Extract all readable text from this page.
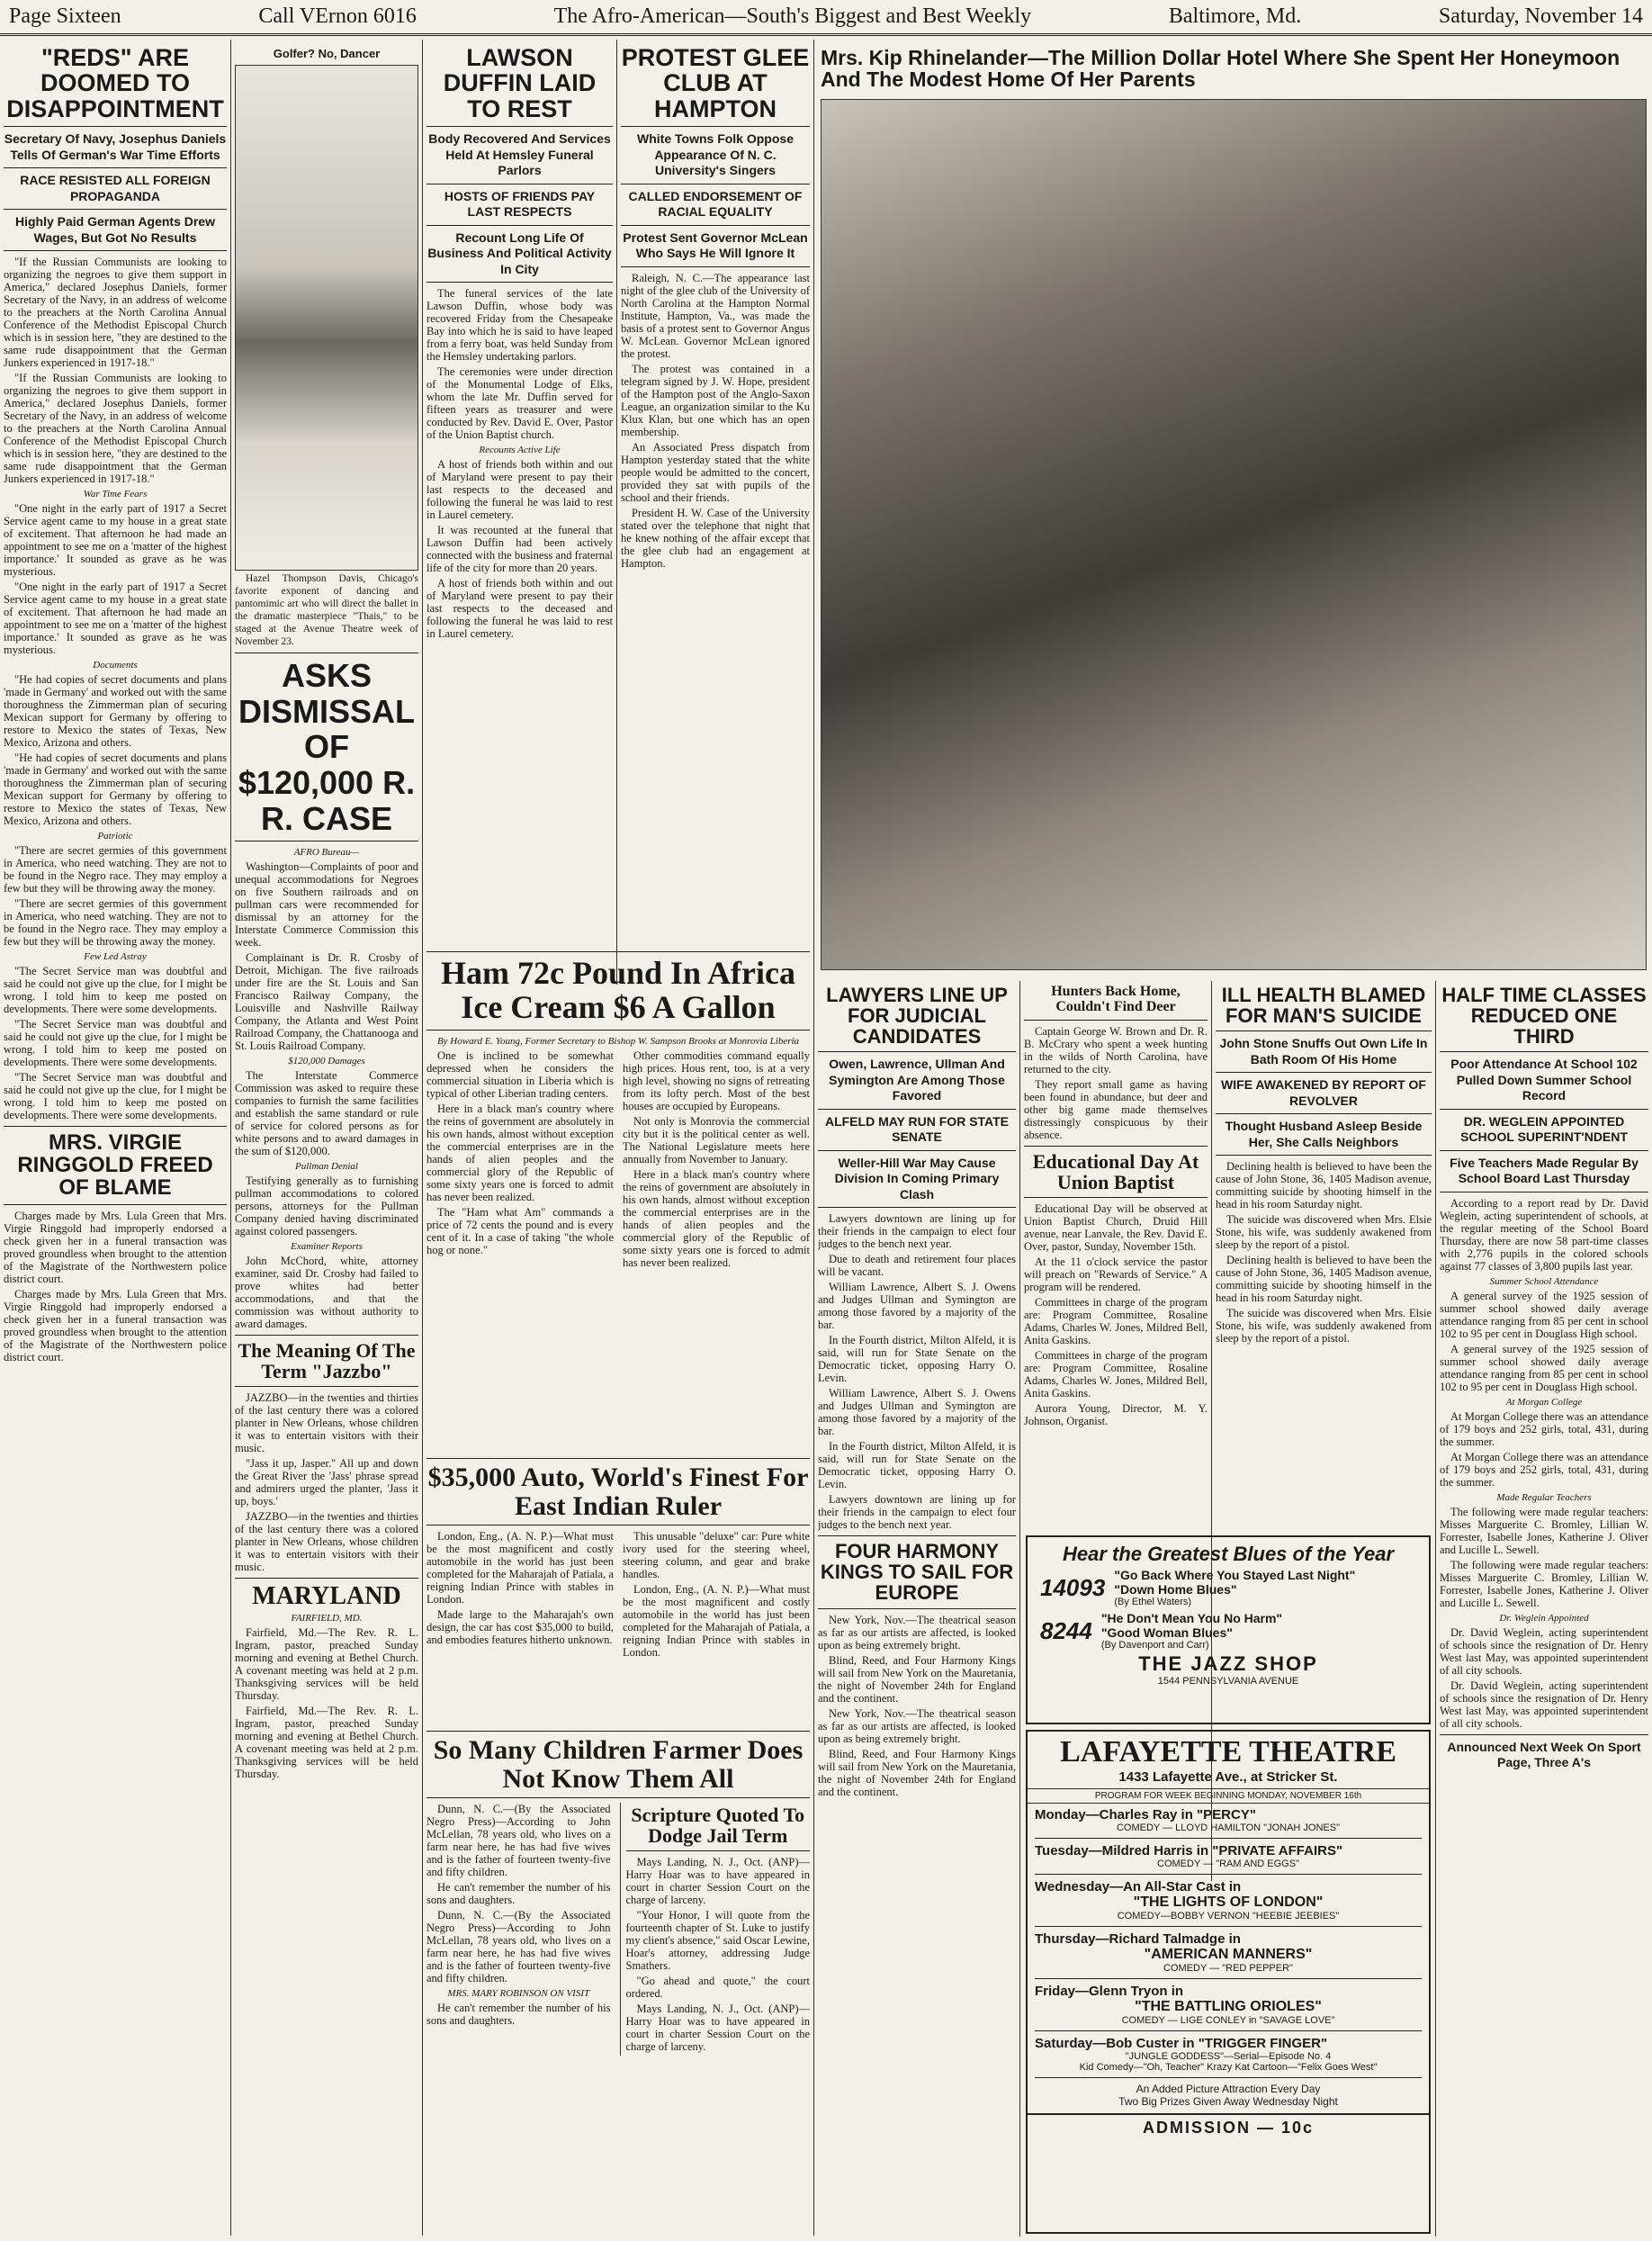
Page Sixteen	Call VErnon 6016	The Afro-American—South's Biggest and Best Weekly	Baltimore, Md.	Saturday, November 14
"REDS" ARE DOOMED TO DISAPPOINTMENT
Secretary Of Navy, Josephus Daniels Tells Of German's War Time Efforts
RACE RESISTED ALL FOREIGN PROPAGANDA
Highly Paid German Agents Drew Wages, But Got No Results

"If the Russian Communists are looking to organizing the negroes to give them support in America," declared Josephus Daniels, former Secretary of the Navy, in an address of welcome to the preachers at the North Carolina Annual Conference of the Methodist Episcopal Church which is in session here, "they are destined to the same rude disappointment that the German Junkers experienced in 1917-18."

"If the Russian Communists are looking to organizing the negroes to give them support in America," declared Josephus Daniels, former Secretary of the Navy, in an address of welcome to the preachers at the North Carolina Annual Conference of the Methodist Episcopal Church which is in session here, "they are destined to the same rude disappointment that the German Junkers experienced in 1917-18."

War Time Fears

"One night in the early part of 1917 a Secret Service agent came to my house in a great state of excitement. That afternoon he had made an appointment to see me on a 'matter of the highest importance.' It sounded as grave as he was mysterious.

"One night in the early part of 1917 a Secret Service agent came to my house in a great state of excitement. That afternoon he had made an appointment to see me on a 'matter of the highest importance.' It sounded as grave as he was mysterious.

Documents

"He had copies of secret documents and plans 'made in Germany' and worked out with the same thoroughness the Zimmerman plan of securing Mexican support for Germany by offering to restore to Mexico the states of Texas, New Mexico, Arizona and others.

"He had copies of secret documents and plans 'made in Germany' and worked out with the same thoroughness the Zimmerman plan of securing Mexican support for Germany by offering to restore to Mexico the states of Texas, New Mexico, Arizona and others.

Patriotic

"There are secret germies of this government in America, who need watching. They are not to be found in the Negro race. They may employ a few but they will be throwing away the money.

"There are secret germies of this government in America, who need watching. They are not to be found in the Negro race. They may employ a few but they will be throwing away the money.

Few Led Astray

"The Secret Service man was doubtful and said he could not give up the clue, for I might be wrong. I told him to keep me posted on developments. There were some developments.

"The Secret Service man was doubtful and said he could not give up the clue, for I might be wrong. I told him to keep me posted on developments. There were some developments.

"The Secret Service man was doubtful and said he could not give up the clue, for I might be wrong. I told him to keep me posted on developments. There were some developments.

MRS. VIRGIE RINGGOLD FREED OF BLAME

Charges made by Mrs. Lula Green that Mrs. Virgie Ringgold had improperly endorsed a check given her in a funeral transaction was proved groundless when brought to the attention of the Magistrate of the Northwestern police district court.

Charges made by Mrs. Lula Green that Mrs. Virgie Ringgold had improperly endorsed a check given her in a funeral transaction was proved groundless when brought to the attention of the Magistrate of the Northwestern police district court.

Golfer? No, Dancer

Hazel Thompson Davis, Chicago's favorite exponent of dancing and pantomimic art who will direct the ballet in the dramatic masterpiece "Thais," to be staged at the Avenue Theatre week of November 23.

ASKS DISMISSAL OF $120,000 R. R. CASE
AFRO Bureau—

Washington—Complaints of poor and unequal accommodations for Negroes on five Southern railroads and on pullman cars were recommended for dismissal by an attorney for the Interstate Commerce Commission this week.

Complainant is Dr. R. Crosby of Detroit, Michigan. The five railroads under fire are the St. Louis and San Francisco Railway Company, the Louisville and Nashville Railway Company, the Atlanta and West Point Railroad Company, the Chattanooga and St. Louis Railroad Company.

$120,000 Damages

The Interstate Commerce Commission was asked to require these companies to furnish the same facilities and establish the same standard or rule of service for colored persons as for white persons and to award damages in the sum of $120,000.

Pullman Denial

Testifying generally as to furnishing pullman accommodations to colored persons, attorneys for the Pullman Company denied having discriminated against colored passengers.

Examiner Reports

John McChord, white, attorney examiner, said Dr. Crosby had failed to prove whites had better accommodations, and that the commission was without authority to award damages.

The Meaning Of The Term "Jazzbo"

JAZZBO—in the twenties and thirties of the last century there was a colored planter in New Orleans, whose children it was to entertain visitors with their music.

"Jass it up, Jasper." All up and down the Great River the 'Jass' phrase spread and admirers urged the planter, 'Jass it up, boys.'

JAZZBO—in the twenties and thirties of the last century there was a colored planter in New Orleans, whose children it was to entertain visitors with their music.

MARYLAND
FAIRFIELD, MD.

Fairfield, Md.—The Rev. R. L. Ingram, pastor, preached Sunday morning and evening at Bethel Church. A covenant meeting was held at 2 p.m. Thanksgiving services will be held Thursday.

Fairfield, Md.—The Rev. R. L. Ingram, pastor, preached Sunday morning and evening at Bethel Church. A covenant meeting was held at 2 p.m. Thanksgiving services will be held Thursday.

LAWSON DUFFIN LAID TO REST
Body Recovered And Services Held At Hemsley Funeral Parlors
HOSTS OF FRIENDS PAY LAST RESPECTS
Recount Long Life Of Business And Political Activity In City

The funeral services of the late Lawson Duffin, whose body was recovered Friday from the Chesapeake Bay into which he is said to have leaped from a ferry boat, was held Sunday from the Hemsley undertaking parlors.

The ceremonies were under direction of the Monumental Lodge of Elks, whom the late Mr. Duffin served for fifteen years as treasurer and were conducted by Rev. David E. Over, Pastor of the Union Baptist church.

Recounts Active Life

A host of friends both within and out of Maryland were present to pay their last respects to the deceased and following the funeral he was laid to rest in Laurel cemetery.

It was recounted at the funeral that Lawson Duffin had been actively connected with the business and fraternal life of the city for more than 20 years.

A host of friends both within and out of Maryland were present to pay their last respects to the deceased and following the funeral he was laid to rest in Laurel cemetery.

PROTEST GLEE CLUB AT HAMPTON
White Towns Folk Oppose Appearance Of N. C. University's Singers
CALLED ENDORSEMENT OF RACIAL EQUALITY
Protest Sent Governor McLean Who Says He Will Ignore It

Raleigh, N. C.—The appearance last night of the glee club of the University of North Carolina at the Hampton Normal Institute, Hampton, Va., was made the basis of a protest sent to Governor Angus W. McLean. Governor McLean ignored the protest.

The protest was contained in a telegram signed by J. W. Hope, president of the Hampton post of the Anglo-Saxon League, an organization similar to the Ku Klux Klan, but one which has an open membership.

An Associated Press dispatch from Hampton yesterday stated that the white people would be admitted to the concert, provided they sat with pupils of the school and their friends.

President H. W. Case of the University stated over the telephone that night that he knew nothing of the affair except that the glee club had an engagement at Hampton.

Mrs. Kip Rhinelander—The Million Dollar Hotel Where She Spent Her Honeymoon And The Modest Home Of Her Parents
Ham 72c Pound In Africa Ice Cream $6 A Gallon
By Howard E. Young, Former Secretary to Bishop W. Sampson Brooks at Monrovia Liberia

One is inclined to be somewhat depressed when he considers the commercial situation in Liberia which is typical of other Liberian trading centers.

Here in a black man's country where the reins of government are absolutely in his own hands, almost without exception the commercial enterprises are in the hands of alien peoples and the commercial glory of the Republic of some sixty years one is forced to admit has never been realized.

The "Ham what Am" commands a price of 72 cents the pound and is every cent of it. In a case of taking "the whole hog or none."

Other commodities command equally high prices. Hous rent, too, is at a very high level, showing no signs of retreating from its lofty perch. Most of the best houses are occupied by Europeans.

Not only is Monrovia the commercial city but it is the political center as well. The National Legislature meets here annually from November to January.

Here in a black man's country where the reins of government are absolutely in his own hands, almost without exception the commercial enterprises are in the hands of alien peoples and the commercial glory of the Republic of some sixty years one is forced to admit has never been realized.

$35,000 Auto, World's Finest For East Indian Ruler

London, Eng., (A. N. P.)—What must be the most magnificent and costly automobile in the world has just been completed for the Maharajah of Patiala, a reigning Indian Prince with stables in London.

Made large to the Maharajah's own design, the car has cost $35,000 to build, and embodies features hitherto unknown.

This unusable "deluxe" car: Pure white ivory used for the steering wheel, steering column, and gear and brake handles.

London, Eng., (A. N. P.)—What must be the most magnificent and costly automobile in the world has just been completed for the Maharajah of Patiala, a reigning Indian Prince with stables in London.

So Many Children Farmer Does Not Know Them All

Dunn, N. C.—(By the Associated Negro Press)—According to John McLellan, 78 years old, who lives on a farm near here, he has had five wives and is the father of fourteen twenty-five and fifty children.

He can't remember the number of his sons and daughters.

Dunn, N. C.—(By the Associated Negro Press)—According to John McLellan, 78 years old, who lives on a farm near here, he has had five wives and is the father of fourteen twenty-five and fifty children.

MRS. MARY ROBINSON ON VISIT

He can't remember the number of his sons and daughters.

Scripture Quoted To Dodge Jail Term

Mays Landing, N. J., Oct. (ANP)—Harry Hoar was to have appeared in court in charter Session Court on the charge of larceny.

"Your Honor, I will quote from the fourteenth chapter of St. Luke to justify my client's absence," said Oscar Lewine, Hoar's attorney, addressing Judge Smathers.

"Go ahead and quote," the court ordered.

Mays Landing, N. J., Oct. (ANP)—Harry Hoar was to have appeared in court in charter Session Court on the charge of larceny.

LAWYERS LINE UP FOR JUDICIAL CANDIDATES
Owen, Lawrence, Ullman And Symington Are Among Those Favored
ALFELD MAY RUN FOR STATE SENATE
Weller-Hill War May Cause Division In Coming Primary Clash

Lawyers downtown are lining up for their friends in the campaign to elect four judges to the bench next year.

Due to death and retirement four places will be vacant.

William Lawrence, Albert S. J. Owens and Judges Ullman and Symington are among those favored by a majority of the bar.

In the Fourth district, Milton Alfeld, it is said, will run for State Senate on the Democratic ticket, opposing Harry O. Levin.

William Lawrence, Albert S. J. Owens and Judges Ullman and Symington are among those favored by a majority of the bar.

In the Fourth district, Milton Alfeld, it is said, will run for State Senate on the Democratic ticket, opposing Harry O. Levin.

Lawyers downtown are lining up for their friends in the campaign to elect four judges to the bench next year.

FOUR HARMONY KINGS TO SAIL FOR EUROPE

New York, Nov.—The theatrical season as far as our artists are affected, is looked upon as being extremely bright.

Blind, Reed, and Four Harmony Kings will sail from New York on the Mauretania, the night of November 24th for England and the continent.

New York, Nov.—The theatrical season as far as our artists are affected, is looked upon as being extremely bright.

Blind, Reed, and Four Harmony Kings will sail from New York on the Mauretania, the night of November 24th for England and the continent.

Hunters Back Home, Couldn't Find Deer

Captain George W. Brown and Dr. R. B. McCrary who spent a week hunting in the wilds of North Carolina, have returned to the city.

They report small game as having been found in abundance, but deer and other big game made themselves distressingly conspicuous by their absence.

Educational Day At Union Baptist

Educational Day will be observed at Union Baptist Church, Druid Hill avenue, near Lanvale, the Rev. David E. Over, pastor, Sunday, November 15th.

At the 11 o'clock service the pastor will preach on "Rewards of Service." A program will be rendered.

Committees in charge of the program are: Program Committee, Rosaline Adams, Charles W. Jones, Mildred Bell, Anita Gaskins.

Committees in charge of the program are: Program Committee, Rosaline Adams, Charles W. Jones, Mildred Bell, Anita Gaskins.

Aurora Young, Director, M. Y. Johnson, Organist.

ILL HEALTH BLAMED FOR MAN'S SUICIDE
John Stone Snuffs Out Own Life In Bath Room Of His Home
WIFE AWAKENED BY REPORT OF REVOLVER
Thought Husband Asleep Beside Her, She Calls Neighbors

Declining health is believed to have been the cause of John Stone, 36, 1405 Madison avenue, committing suicide by shooting himself in the head in his room Saturday night.

The suicide was discovered when Mrs. Elsie Stone, his wife, was suddenly awakened from sleep by the report of a pistol.

Declining health is believed to have been the cause of John Stone, 36, 1405 Madison avenue, committing suicide by shooting himself in the head in his room Saturday night.

The suicide was discovered when Mrs. Elsie Stone, his wife, was suddenly awakened from sleep by the report of a pistol.

Hear the Greatest Blues of the Year
14093 "Go Back Where You Stayed Last Night"
"Down Home Blues"
(By Ethel Waters)
8244 "He Don't Mean You No Harm"
"Good Woman Blues"
(By Davenport and Carr)
THE JAZZ SHOP
1544 PENNSYLVANIA AVENUE
LAFAYETTE THEATRE
1433 Lafayette Ave., at Stricker St.
PROGRAM FOR WEEK BEGINNING MONDAY, NOVEMBER 16th
Monday—Charles Ray in "PERCY"
COMEDY — LLOYD HAMILTON "JONAH JONES"
Tuesday—Mildred Harris in "PRIVATE AFFAIRS"
COMEDY — "RAM AND EGGS"
Wednesday—An All-Star Cast in
"THE LIGHTS OF LONDON"
COMEDY—BOBBY VERNON "HEEBIE JEEBIES"
Thursday—Richard Talmadge in
"AMERICAN MANNERS"
COMEDY — "RED PEPPER"
Friday—Glenn Tryon in
"THE BATTLING ORIOLES"
COMEDY — LIGE CONLEY in "SAVAGE LOVE"
Saturday—Bob Custer in "TRIGGER FINGER"
"JUNGLE GODDESS"—Serial—Episode No. 4
Kid Comedy—"Oh, Teacher" Krazy Kat Cartoon—"Felix Goes West"
An Added Picture Attraction Every Day
Two Big Prizes Given Away Wednesday Night
ADMISSION — 10c
HALF TIME CLASSES REDUCED ONE THIRD
Poor Attendance At School 102 Pulled Down Summer School Record
DR. WEGLEIN APPOINTED SCHOOL SUPERINT'NDENT
Five Teachers Made Regular By School Board Last Thursday

According to a report read by Dr. David Weglein, acting superintendent of schools, at the regular meeting of the School Board Thursday, there are now 58 part-time classes with 2,776 pupils in the colored schools against 77 classes of 3,800 pupils last year.

Summer School Attendance

A general survey of the 1925 session of summer school showed daily average attendance ranging from 85 per cent in school 102 to 95 per cent in Douglass High school.

A general survey of the 1925 session of summer school showed daily average attendance ranging from 85 per cent in school 102 to 95 per cent in Douglass High school.

At Morgan College

At Morgan College there was an attendance of 179 boys and 252 girls, total, 431, during the summer.

At Morgan College there was an attendance of 179 boys and 252 girls, total, 431, during the summer.

Made Regular Teachers

The following were made regular teachers: Misses Marguerite C. Bromley, Lillian W. Forrester, Isabelle Jones, Katherine J. Oliver and Lucille L. Sewell.

The following were made regular teachers: Misses Marguerite C. Bromley, Lillian W. Forrester, Isabelle Jones, Katherine J. Oliver and Lucille L. Sewell.

Dr. Weglein Appointed

Dr. David Weglein, acting superintendent of schools since the resignation of Dr. Henry West last May, was appointed superintendent of all city schools.

Dr. David Weglein, acting superintendent of schools since the resignation of Dr. Henry West last May, was appointed superintendent of all city schools.

Announced Next Week On Sport Page, Three A's
